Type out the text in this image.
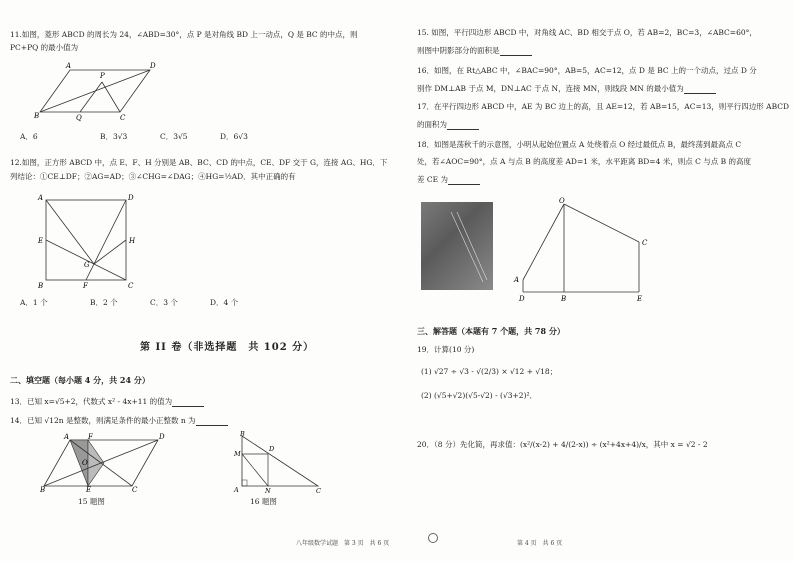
11.如图，菱形 ABCD 的周长为 24，∠ABD=30°，点 P 是对角线 BD 上一动点，Q 是 BC 的中点，则
PC+PQ 的最小值为
A	D
P
B	Q	C
A．6	B．3√3	C．3√5	D．6√3
12.如图，正方形 ABCD 中，点 E、F、H 分别是 AB、BC、CD 的中点，CE、DF 交于 G，连接 AG、HG．下
列结论：①CE⊥DF；②AG=AD；③∠CHG=∠DAG；④HG=½AD．其中正确的有
A	D
E	H
G
B	F	C
A．1 个	B．2 个	C．3 个	D．4 个
第 II 卷（非选择题　共 102 分）
二、填空题（每小题 4 分，共 24 分）
13．已知 x=√5+2，代数式 x² - 4x+11 的值为
14．已知 √12n 是整数，则满足条件的最小正整数 n 为
A	F	D
O
B	E	C
15 题图
B
D
M
A	N	C
16 题图
八年级数学试题　第 3 页　共 6 页
15. 如图，平行四边形 ABCD 中，对角线 AC、BD 相交于点 O，若 AB=2，BC=3，∠ABC=60°，
则图中阴影部分的面积是
16．如图，在 Rt△ABC 中，∠BAC=90°，AB=5，AC=12，点 D 是 BC 上的一个动点，过点 D 分
别作 DM⊥AB 于点 M，DN⊥AC 于点 N，连接 MN，则线段 MN 的最小值为
17．在平行四边形 ABCD 中，AE 为 BC 边上的高，且 AE=12，若 AB=15，AC=13，则平行四边形 ABCD
的面积为
18．如图是荡秋千的示意图，小明从起始位置点 A 处绕着点 O 经过最低点 B，最终荡到最高点 C
处，若∠AOC=90°，点 A 与点 B 的高度差 AD=1 米，水平距离 BD=4 米，则点 C 与点 B 的高度
差 CE 为
O
A
C
D	B	E
三、解答题（本题有 7 个题，共 78 分）
19．计算(10 分)
(1) √27 ÷ √3 - √(2/3) × √12 + √18；
(2) (√5+√2)(√5-√2) - (√3+2)²．
20．（8 分）先化简，再求值：(x²/(x-2) + 4/(2-x)) ÷ (x²+4x+4)/x，其中 x = √2 - 2
第 4 页　共 6 页
